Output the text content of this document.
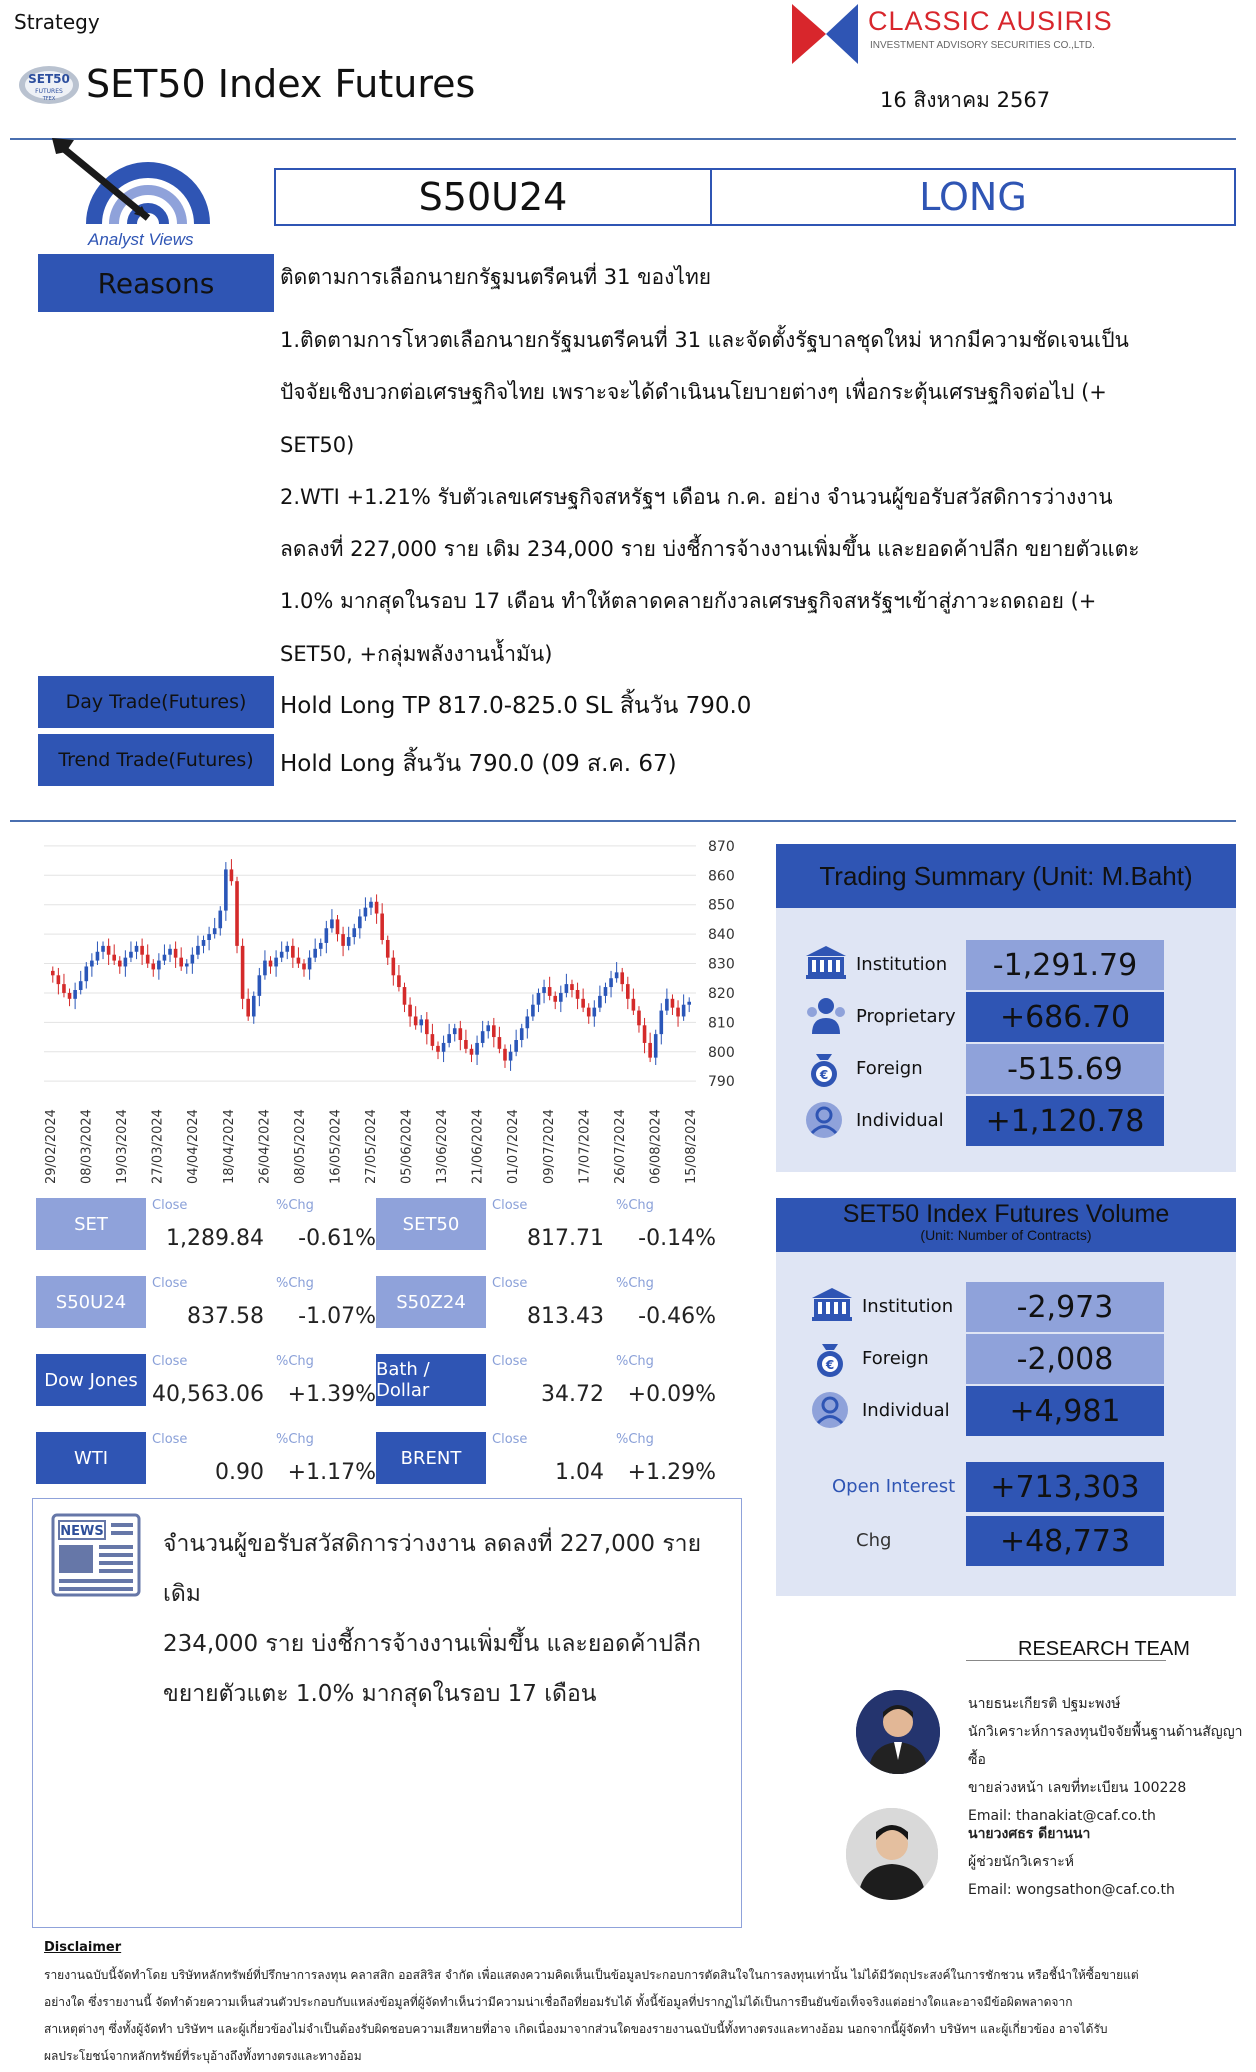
Strategy
SET50
FUTURES
TFEX SET50 Index Futures
CLASSIC AUSIRIS
INVESTMENT ADVISORY SECURITIES CO.,LTD.
16 สิงหาคม 2567
Analyst Views
S50U24	LONG
Reasons	ติดตามการเลือกนายกรัฐมนตรีคนที่ 31 ของไทย
1.ติดตามการโหวตเลือกนายกรัฐมนตรีคนที่ 31 และจัดตั้งรัฐบาลชุดใหม่ หากมีความชัดเจนเป็น
ปัจจัยเชิงบวกต่อเศรษฐกิจไทย เพราะจะได้ดำเนินนโยบายต่างๆ เพื่อกระตุ้นเศรษฐกิจต่อไป (+
SET50)
2.WTI +1.21% รับตัวเลขเศรษฐกิจสหรัฐฯ เดือน ก.ค. อย่าง จำนวนผู้ขอรับสวัสดิการว่างงาน
ลดลงที่ 227,000 ราย เดิม 234,000 ราย บ่งชี้การจ้างงานเพิ่มขึ้น และยอดค้าปลีก ขยายตัวแตะ
1.0% มากสุดในรอบ 17 เดือน ทำให้ตลาดคลายกังวลเศรษฐกิจสหรัฐฯเข้าสู่ภาวะถดถอย (+
SET50, +กลุ่มพลังงานน้ำมัน)
Day Trade(Futures)	Hold Long TP 817.0-825.0 SL สิ้นวัน 790.0
Trend Trade(Futures)	Hold Long สิ้นวัน 790.0 (09 ส.ค. 67)
870
860
850
840
830
820
810
800
790
29/02/2024 08/03/2024 19/03/2024 27/03/2024 04/04/2024 18/04/2024 26/04/2024 08/05/2024 16/05/2024 27/05/2024 05/06/2024 13/06/2024 21/06/2024 01/07/2024 09/07/2024 17/07/2024 26/07/2024 06/08/2024 15/08/2024
SET
Close	%Chg
1,289.84 -0.61%
SET50
Close	%Chg
817.71 -0.14%
S50U24
Close	%Chg
837.58 -1.07%
S50Z24
Close	%Chg
813.43 -0.46%
Dow Jones
Close	%Chg
40,563.06 +1.39%
Bath / Dollar
Close	%Chg
34.72 +0.09%
WTI
Close	%Chg
0.90 +1.17%
BRENT
Close	%Chg
1.04 +1.29%
NEWS	จำนวนผู้ขอรับสวัสดิการว่างงาน ลดลงที่ 227,000 ราย เดิม
234,000 ราย บ่งชี้การจ้างงานเพิ่มขึ้น และยอดค้าปลีก
ขยายตัวแตะ 1.0% มากสุดในรอบ 17 เดือน
Trading Summary (Unit: M.Baht)
Institution	-1,291.79
Proprietary	+686.70
€ Foreign	-515.69
Individual	+1,120.78
SET50 Index Futures Volume
(Unit: Number of Contracts)
Institution	-2,973
€ Foreign	-2,008
Individual	+4,981
Open Interest	+713,303
Chg	+48,773
RESEARCH TEAM
นายธนะเกียรติ ปฐมะพงษ์
นักวิเคราะห์การลงทุนปัจจัยพื้นฐานด้านสัญญาซื้อ
ขายล่วงหน้า เลขที่ทะเบียน 100228
Email: thanakiat@caf.co.th
นายวงศธร ดียานนา
ผู้ช่วยนักวิเคราะห์
Email: wongsathon@caf.co.th
Disclaimer
รายงานฉบับนี้จัดทำโดย บริษัทหลักทรัพย์ที่ปรึกษาการลงทุน คลาสสิก ออสสิริส จำกัด เพื่อแสดงความคิดเห็นเป็นข้อมูลประกอบการตัดสินใจในการลงทุนเท่านั้น ไม่ได้มีวัตถุประสงค์ในการชักชวน หรือชี้นำให้ซื้อขายแต่
อย่างใด ซึ่งรายงานนี้ จัดทำด้วยความเห็นส่วนตัวประกอบกับแหล่งข้อมูลที่ผู้จัดทำเห็นว่ามีความน่าเชื่อถือที่ยอมรับได้ ทั้งนี้ข้อมูลที่ปรากฏไม่ได้เป็นการยืนยันข้อเท็จจริงแต่อย่างใดและอาจมีข้อผิดพลาดจาก
สาเหตุต่างๆ ซึ่งทั้งผู้จัดทำ บริษัทฯ และผู้เกี่ยวข้องไม่จำเป็นต้องรับผิดชอบความเสียหายที่อาจ เกิดเนื่องมาจากส่วนใดของรายงานฉบับนี้ทั้งทางตรงและทางอ้อม นอกจากนี้ผู้จัดทำ บริษัทฯ และผู้เกี่ยวข้อง อาจได้รับ
ผลประโยชน์จากหลักทรัพย์ที่ระบุอ้างถึงทั้งทางตรงและทางอ้อม
